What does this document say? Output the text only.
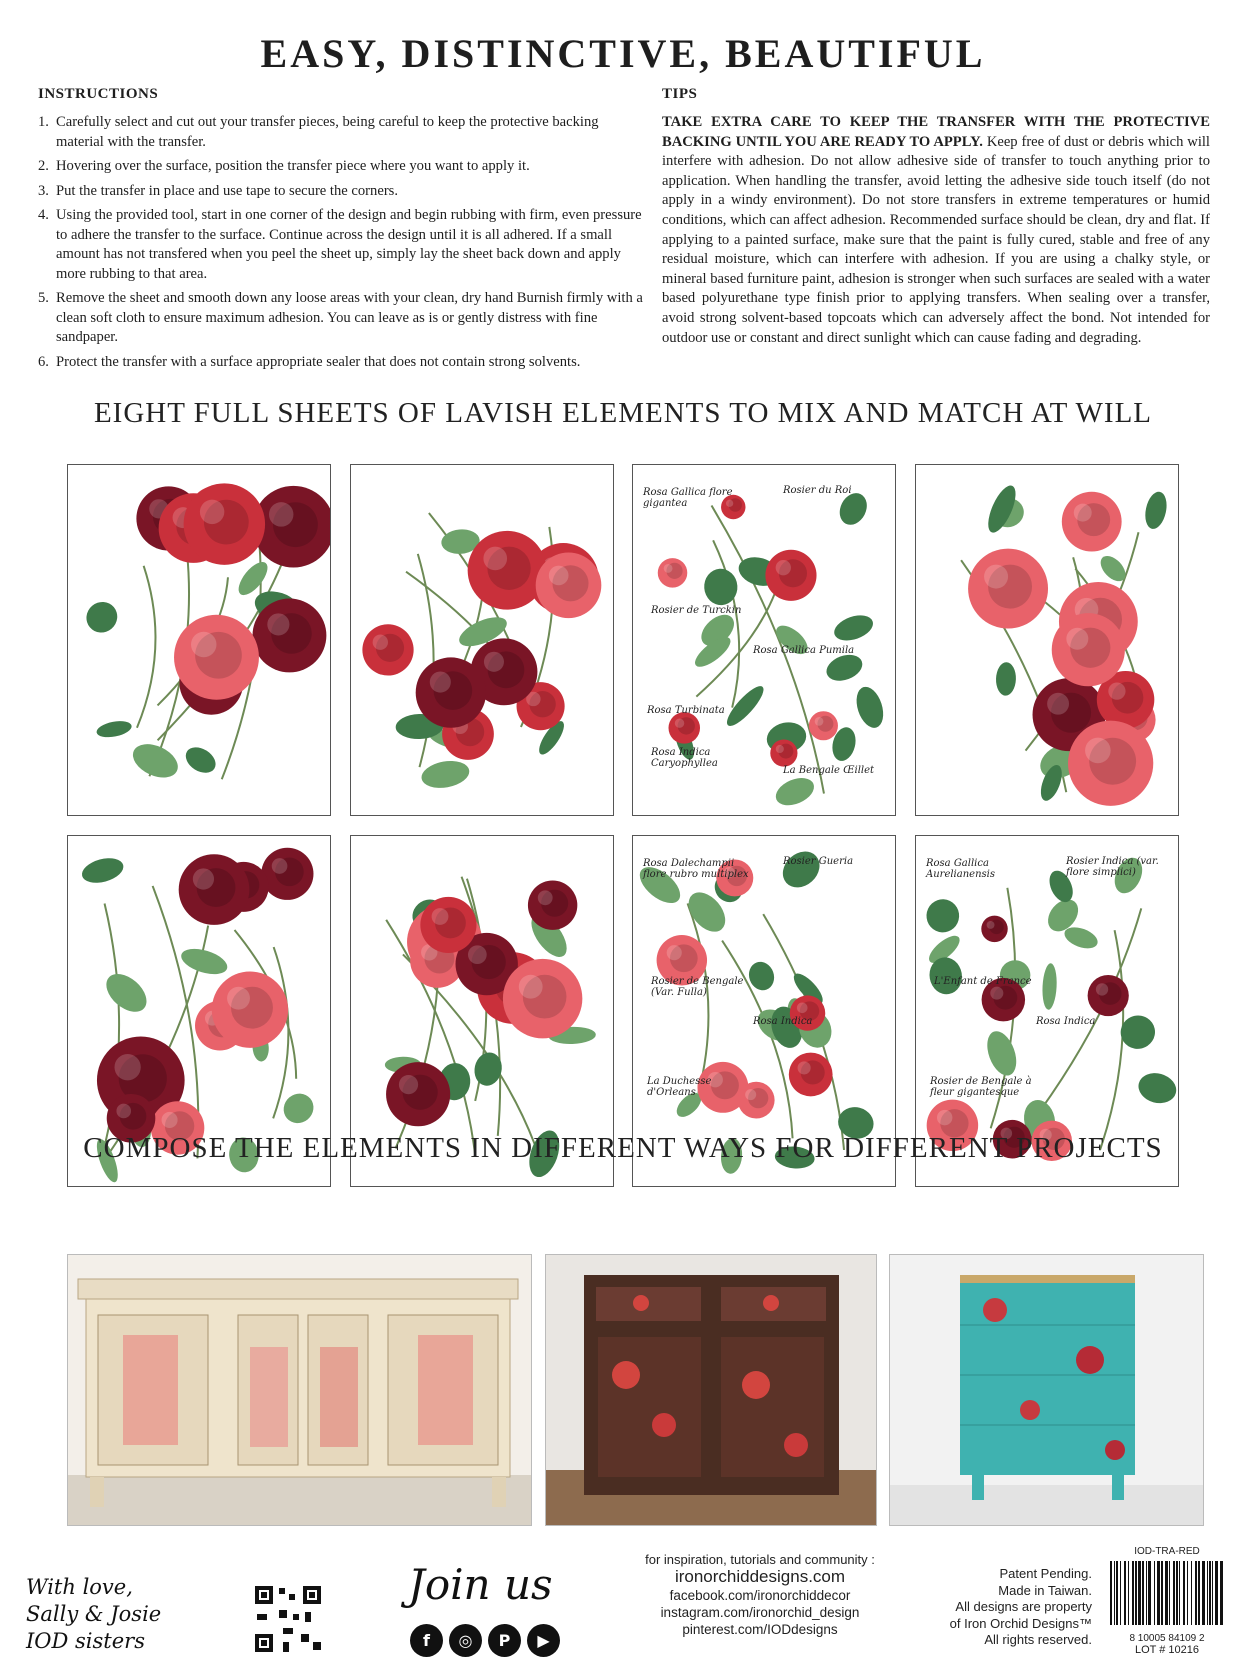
EASY, DISTINCTIVE, BEAUTIFUL
INSTRUCTIONS
1. Carefully select and cut out your transfer pieces, being careful to keep the protective backing material with the transfer.
2. Hovering over the surface, position the transfer piece where you want to apply it.
3. Put the transfer in place and use tape to secure the corners.
4. Using the provided tool, start in one corner of the design and begin rubbing with firm, even pressure to adhere the transfer to the surface. Continue across the design until it is all adhered. If a small amount has not transfered when you peel the sheet up, simply lay the sheet back down and apply more rubbing to that area.
5. Remove the sheet and smooth down any loose areas with your clean, dry hand Burnish firmly with a clean soft cloth to ensure maximum adhesion. You can leave as is or gently distress with fine sandpaper.
6. Protect the transfer with a surface appropriate sealer that does not contain strong solvents.
TIPS

TAKE EXTRA CARE TO KEEP THE TRANSFER WITH THE PROTECTIVE BACKING UNTIL YOU ARE READY TO APPLY. Keep free of dust or debris which will interfere with adhesion. Do not allow adhesive side of transfer to touch anything prior to application. When handling the transfer, avoid letting the adhesive side touch itself (do not apply in a windy environment). Do not store transfers in extreme temperatures or humid conditions, which can affect adhesion. Recommended surface should be clean, dry and flat. If applying to a painted surface, make sure that the paint is fully cured, stable and free of any residual moisture, which can interfere with adhesion. If you are using a chalky style, or mineral based furniture paint, adhesion is stronger when such surfaces are sealed with a water based polyurethane type finish prior to applying transfers. When sealing over a transfer, avoid strong solvent-based topcoats which can adversely affect the bond. Not intended for outdoor use or constant and direct sunlight which can cause fading and degrading.

EIGHT FULL SHEETS OF LAVISH ELEMENTS TO MIX AND MATCH AT WILL
Rosa Gallica flore gigantea
Rosier du Roi
Rosier de Turckin
Rosa Gallica Pumila
Rosa Turbinata
Rosa Indica Caryophyllea
La Bengale Œillet
Rosa Dalechampii flore rubro multiplex
Rosier Gueria
Rosier de Bengale (Var. Fulla)
Rosa Indica
La Duchesse d'Orleans
Rosa Gallica Aurelianensis
Rosier Indica (var. flore simplici)
L'Enfant de France
Rosa Indica
Rosier de Bengale à fleur gigantesque
COMPOSE THE ELEMENTS IN DIFFERENT WAYS FOR DIFFERENT PROJECTS
With love,
Sally & Josie
IOD sisters
Join us
f	◎	P	▶
for inspiration, tutorials and community :
ironorchiddesigns.com
facebook.com/ironorchiddecor
instagram.com/ironorchid_design
pinterest.com/IODdesigns
Patent Pending.
Made in Taiwan.
All designs are property
of Iron Orchid Designs™
All rights reserved.
IOD-TRA-RED
8 10005 84109 2
LOT # 10216
